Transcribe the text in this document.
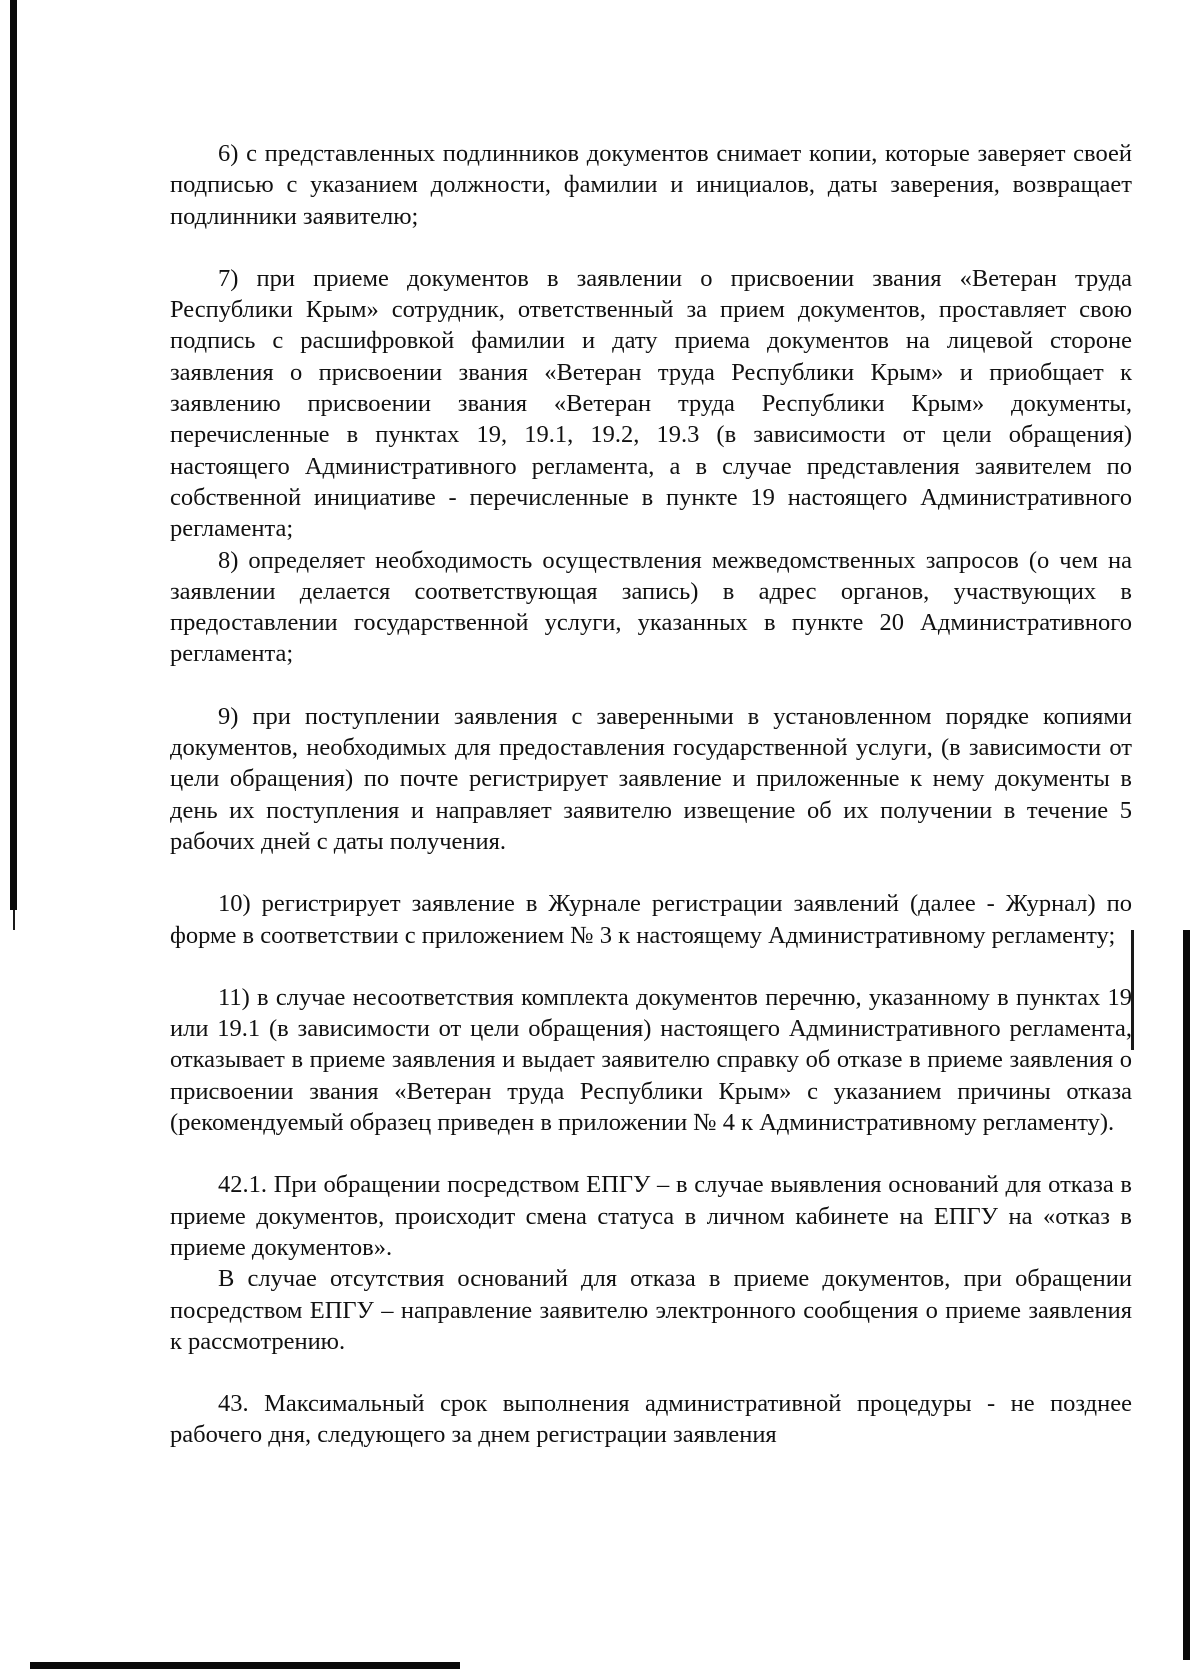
6) с представленных подлинников документов снимает копии, которые заверяет своей подписью с указанием должности, фамилии и инициалов, даты заверения, возвращает подлинники заявителю;

7) при приеме документов в заявлении о присвоении звания «Ветеран труда Республики Крым» сотрудник, ответственный за прием документов, проставляет свою подпись с расшифровкой фамилии и дату приема документов на лицевой стороне заявления о присвоении звания «Ветеран труда Республики Крым» и приобщает к заявлению присвоении звания «Ветеран труда Республики Крым» документы, перечисленные в пунктах 19, 19.1, 19.2, 19.3 (в зависимости от цели обращения) настоящего Административного регламента, а в случае представления заявителем по собственной инициативе - перечисленные в пункте 19 настоящего Административного регламента;

8) определяет необходимость осуществления межведомственных запросов (о чем на заявлении делается соответствующая запись) в адрес органов, участвующих в предоставлении государственной услуги, указанных в пункте 20 Административного регламента;

9) при поступлении заявления с заверенными в установленном порядке копиями документов, необходимых для предоставления государственной услуги, (в зависимости от цели обращения) по почте регистрирует заявление и приложенные к нему документы в день их поступления и направляет заявителю извещение об их получении в течение 5 рабочих дней с даты получения.

10) регистрирует заявление в Журнале регистрации заявлений (далее - Журнал) по форме в соответствии с приложением № 3 к настоящему Административному регламенту;

11) в случае несоответствия комплекта документов перечню, указанному в пунктах 19 или 19.1 (в зависимости от цели обращения) настоящего Административного регламента, отказывает в приеме заявления и выдает заявителю справку об отказе в приеме заявления о присвоении звания «Ветеран труда Республики Крым» с указанием причины отказа (рекомендуемый образец приведен в приложении № 4 к Административному регламенту).

42.1. При обращении посредством ЕПГУ – в случае выявления оснований для отказа в приеме документов, происходит смена статуса в личном кабинете на ЕПГУ на «отказ в приеме документов».

В случае отсутствия оснований для отказа в приеме документов, при обращении посредством ЕПГУ – направление заявителю электронного сообщения о приеме заявления к рассмотрению.

43. Максимальный срок выполнения административной процедуры - не позднее рабочего дня, следующего за днем регистрации заявления
